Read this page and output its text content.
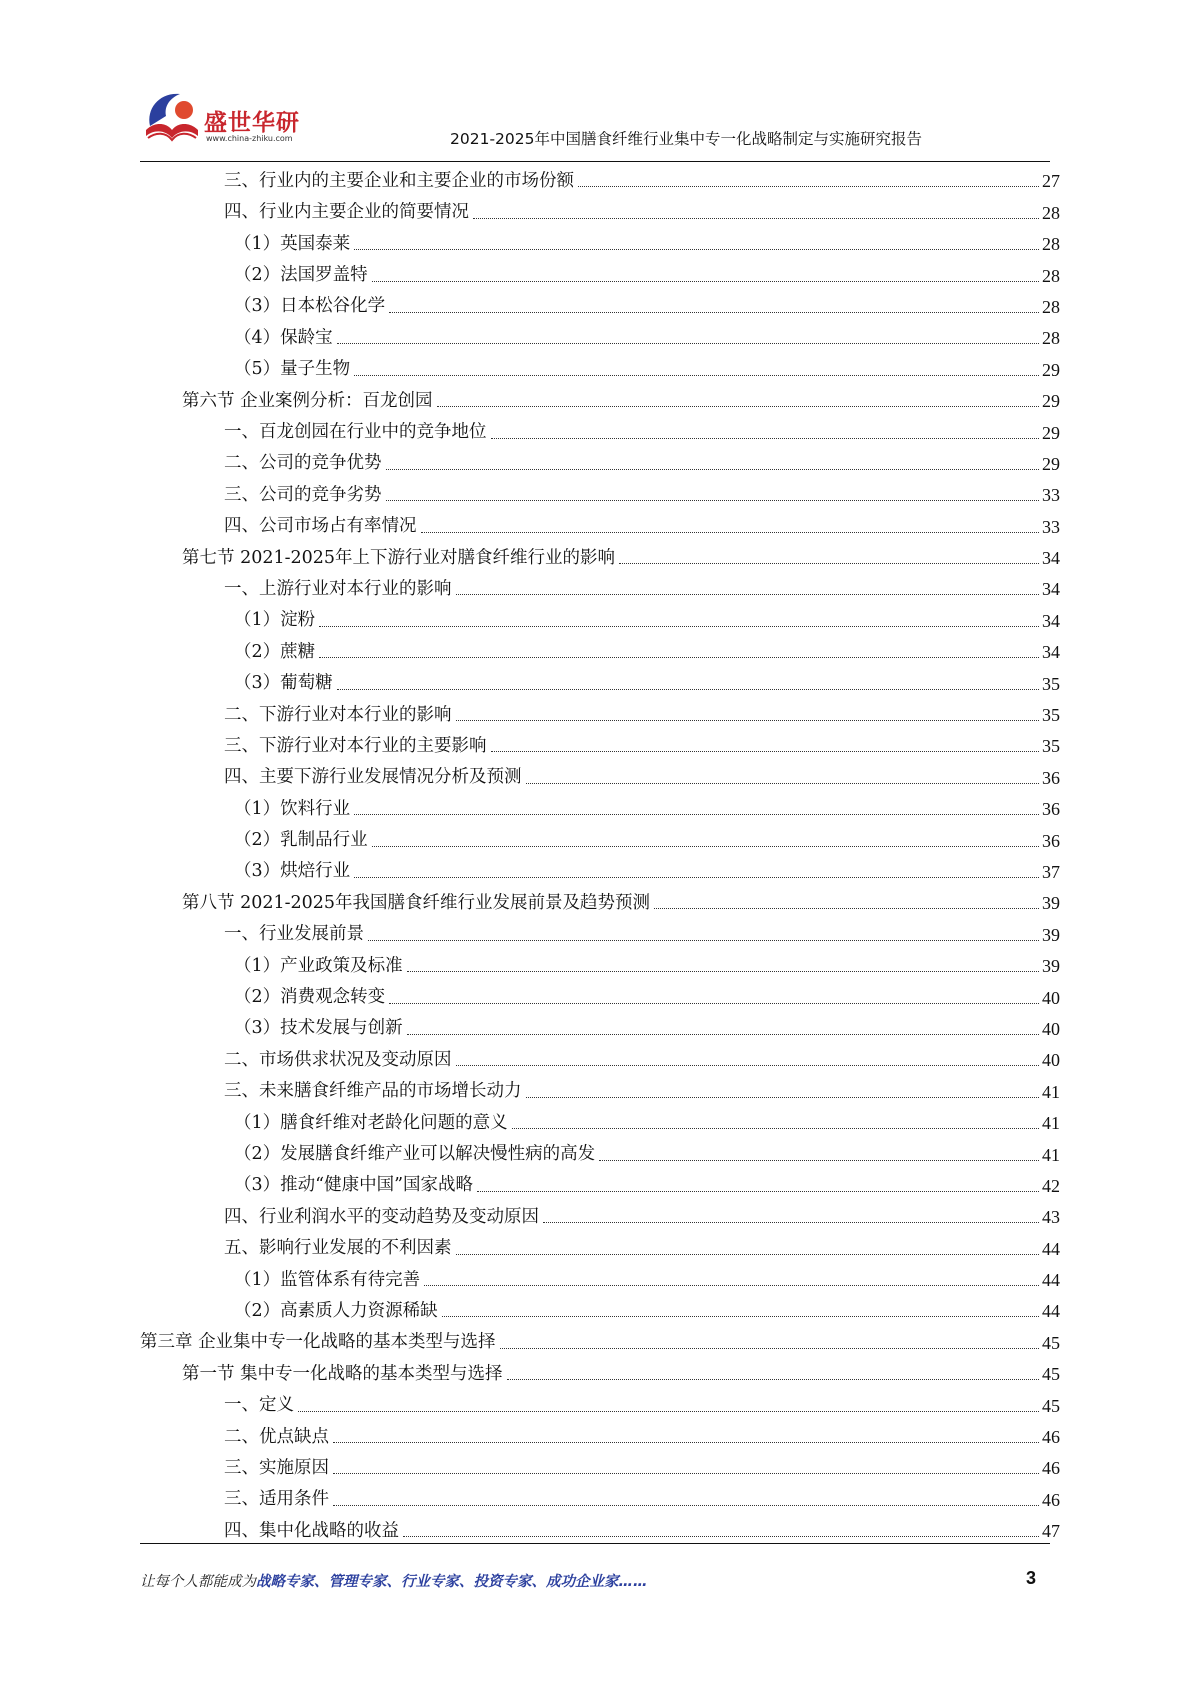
盛世华研
www.china-zhiku.com	2021-2025年中国膳食纤维行业集中专一化战略制定与实施研究报告
三、行业内的主要企业和主要企业的市场份额	27
四、行业内主要企业的简要情况	28
（1）英国泰莱	28
（2）法国罗盖特	28
（3）日本松谷化学	28
（4）保龄宝	28
（5）量子生物	29
第六节 企业案例分析：百龙创园	29
一、百龙创园在行业中的竞争地位	29
二、公司的竞争优势	29
三、公司的竞争劣势	33
四、公司市场占有率情况	33
第七节 2021-2025年上下游行业对膳食纤维行业的影响	34
一、上游行业对本行业的影响	34
（1）淀粉	34
（2）蔗糖	34
（3）葡萄糖	35
二、下游行业对本行业的影响	35
三、下游行业对本行业的主要影响	35
四、主要下游行业发展情况分析及预测	36
（1）饮料行业	36
（2）乳制品行业	36
（3）烘焙行业	37
第八节 2021-2025年我国膳食纤维行业发展前景及趋势预测	39
一、行业发展前景	39
（1）产业政策及标准	39
（2）消费观念转变	40
（3）技术发展与创新	40
二、市场供求状况及变动原因	40
三、未来膳食纤维产品的市场增长动力	41
（1）膳食纤维对老龄化问题的意义	41
（2）发展膳食纤维产业可以解决慢性病的高发	41
（3）推动“健康中国”国家战略	42
四、行业利润水平的变动趋势及变动原因	43
五、影响行业发展的不利因素	44
（1）监管体系有待完善	44
（2）高素质人力资源稀缺	44
第三章 企业集中专一化战略的基本类型与选择	45
第一节 集中专一化战略的基本类型与选择	45
一、定义	45
二、优点缺点	46
三、实施原因	46
三、适用条件	46
四、集中化战略的收益	47
让每个人都能成为战略专家、管理专家、行业专家、投资专家、成功企业家……	3
